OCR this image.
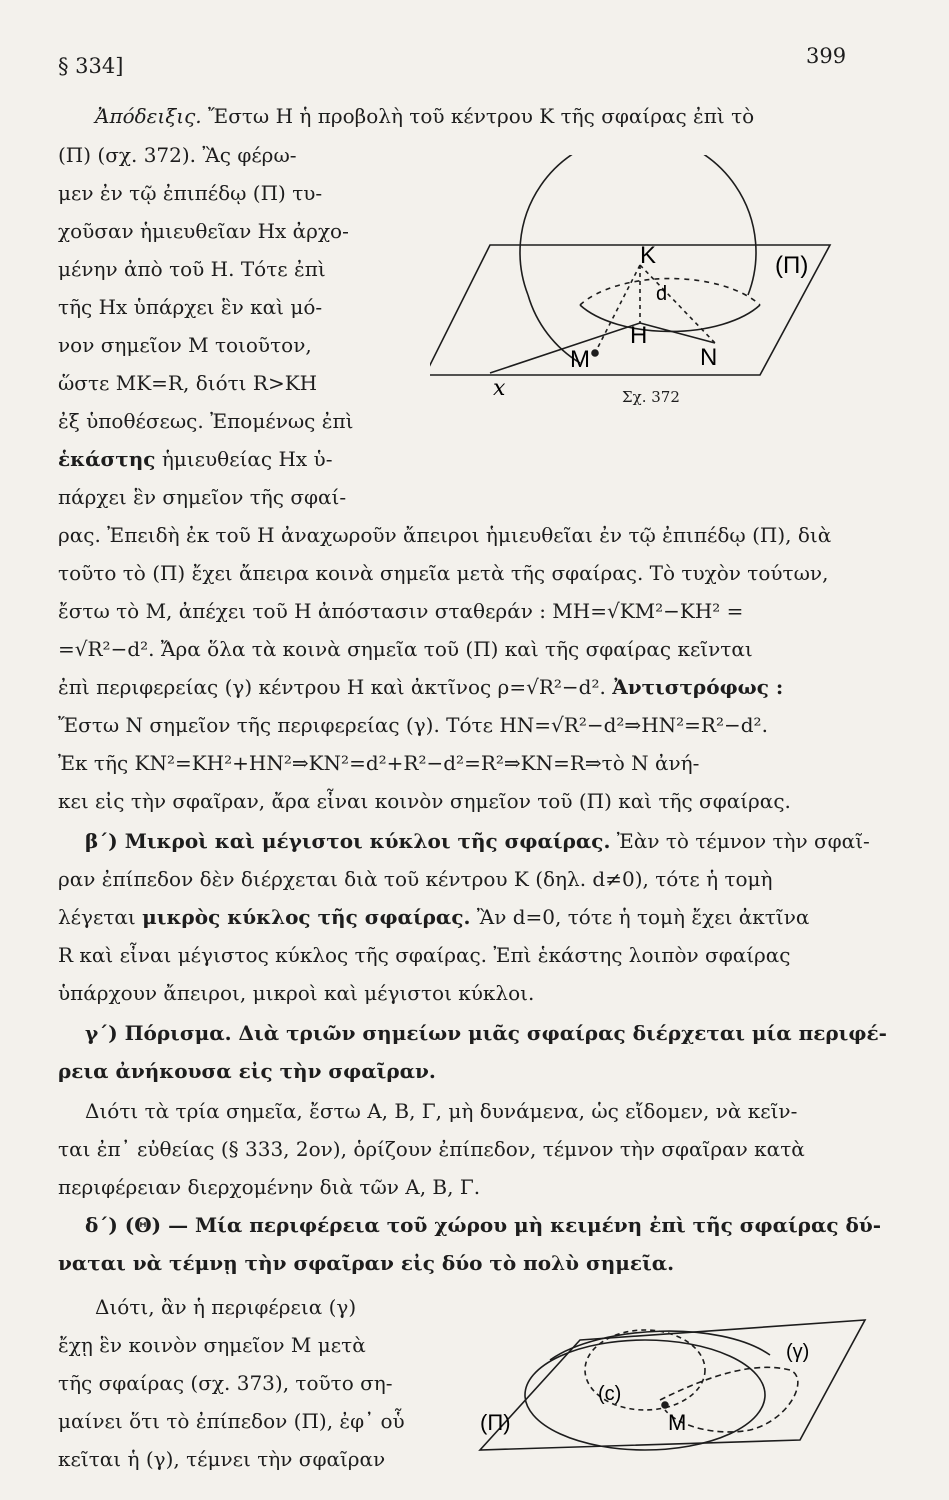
§ 334]	399
Ἀπόδειξις. Ἔστω H ἡ προβολὴ τοῦ κέντρου K τῆς σφαίρας ἐπὶ τὸ
(Π) (σχ. 372). Ἂς φέρω-
μεν ἐν τῷ ἐπιπέδῳ (Π) τυ-
χοῦσαν ἡμιευθεῖαν Hx ἀρχο-
μένην ἀπὸ τοῦ H. Τότε ἐπὶ
τῆς Hx ὑπάρχει ἓν καὶ μό-
νον σημεῖον M τοιοῦτον,
ὥστε MK=R, διότι R>KH
ἐξ ὑποθέσεως. Ἐπομένως ἐπὶ
ἑκάστης ἡμιευθείας Hx ὑ-
πάρχει ἓν σημεῖον τῆς σφαί-
K	(Π)
d
H
M	N
x	Σχ. 372
ρας. Ἐπειδὴ ἐκ τοῦ H ἀναχωροῦν ἄπειροι ἡμιευθεῖαι ἐν τῷ ἐπιπέδῳ (Π), διὰ
τοῦτο τὸ (Π) ἔχει ἄπειρα κοινὰ σημεῖα μετὰ τῆς σφαίρας. Τὸ τυχὸν τούτων,
ἔστω τὸ M, ἀπέχει τοῦ H ἀπόστασιν σταθεράν : MH=√KM²−KH² =
=√R²−d². Ἄρα ὅλα τὰ κοινὰ σημεῖα τοῦ (Π) καὶ τῆς σφαίρας κεῖνται
ἐπὶ περιφερείας (γ) κέντρου H καὶ ἀκτῖνος ρ=√R²−d². Ἀντιστρόφως :
Ἔστω N σημεῖον τῆς περιφερείας (γ). Τότε HN=√R²−d²⇒HN²=R²−d².
Ἐκ τῆς KN²=KH²+HN²⇒KN²=d²+R²−d²=R²⇒KN=R⇒τὸ N ἀνή-
κει εἰς τὴν σφαῖραν, ἄρα εἶναι κοινὸν σημεῖον τοῦ (Π) καὶ τῆς σφαίρας.
β΄) Μικροὶ καὶ μέγιστοι κύκλοι τῆς σφαίρας. Ἐὰν τὸ τέμνον τὴν σφαῖ-
ραν ἐπίπεδον δὲν διέρχεται διὰ τοῦ κέντρου K (δηλ. d≠0), τότε ἡ τομὴ
λέγεται μικρὸς κύκλος τῆς σφαίρας. Ἂν d=0, τότε ἡ τομὴ ἔχει ἀκτῖνα
R καὶ εἶναι μέγιστος κύκλος τῆς σφαίρας. Ἐπὶ ἑκάστης λοιπὸν σφαίρας
ὑπάρχουν ἄπειροι, μικροὶ καὶ μέγιστοι κύκλοι.
γ΄) Πόρισμα. Διὰ τριῶν σημείων μιᾶς σφαίρας διέρχεται μία περιφέ-
ρεια ἀνήκουσα εἰς τὴν σφαῖραν.
Διότι τὰ τρία σημεῖα, ἔστω A, B, Γ, μὴ δυνάμενα, ὡς εἴδομεν, νὰ κεῖν-
ται ἐπ᾽ εὐθείας (§ 333, 2ον), ὁρίζουν ἐπίπεδον, τέμνον τὴν σφαῖραν κατὰ
περιφέρειαν διερχομένην διὰ τῶν A, B, Γ.
δ΄) (Θ) — Μία περιφέρεια τοῦ χώρου μὴ κειμένη ἐπὶ τῆς σφαίρας δύ-
ναται νὰ τέμνῃ τὴν σφαῖραν εἰς δύο τὸ πολὺ σημεῖα.
Διότι, ἂν ἡ περιφέρεια (γ)
ἔχῃ ἓν κοινὸν σημεῖον M μετὰ
τῆς σφαίρας (σχ. 373), τοῦτο ση-
μαίνει ὅτι τὸ ἐπίπεδον (Π), ἐφ᾽ οὗ
κεῖται ἡ (γ), τέμνει τὴν σφαῖραν
(γ)
(c)
(Π)	M
